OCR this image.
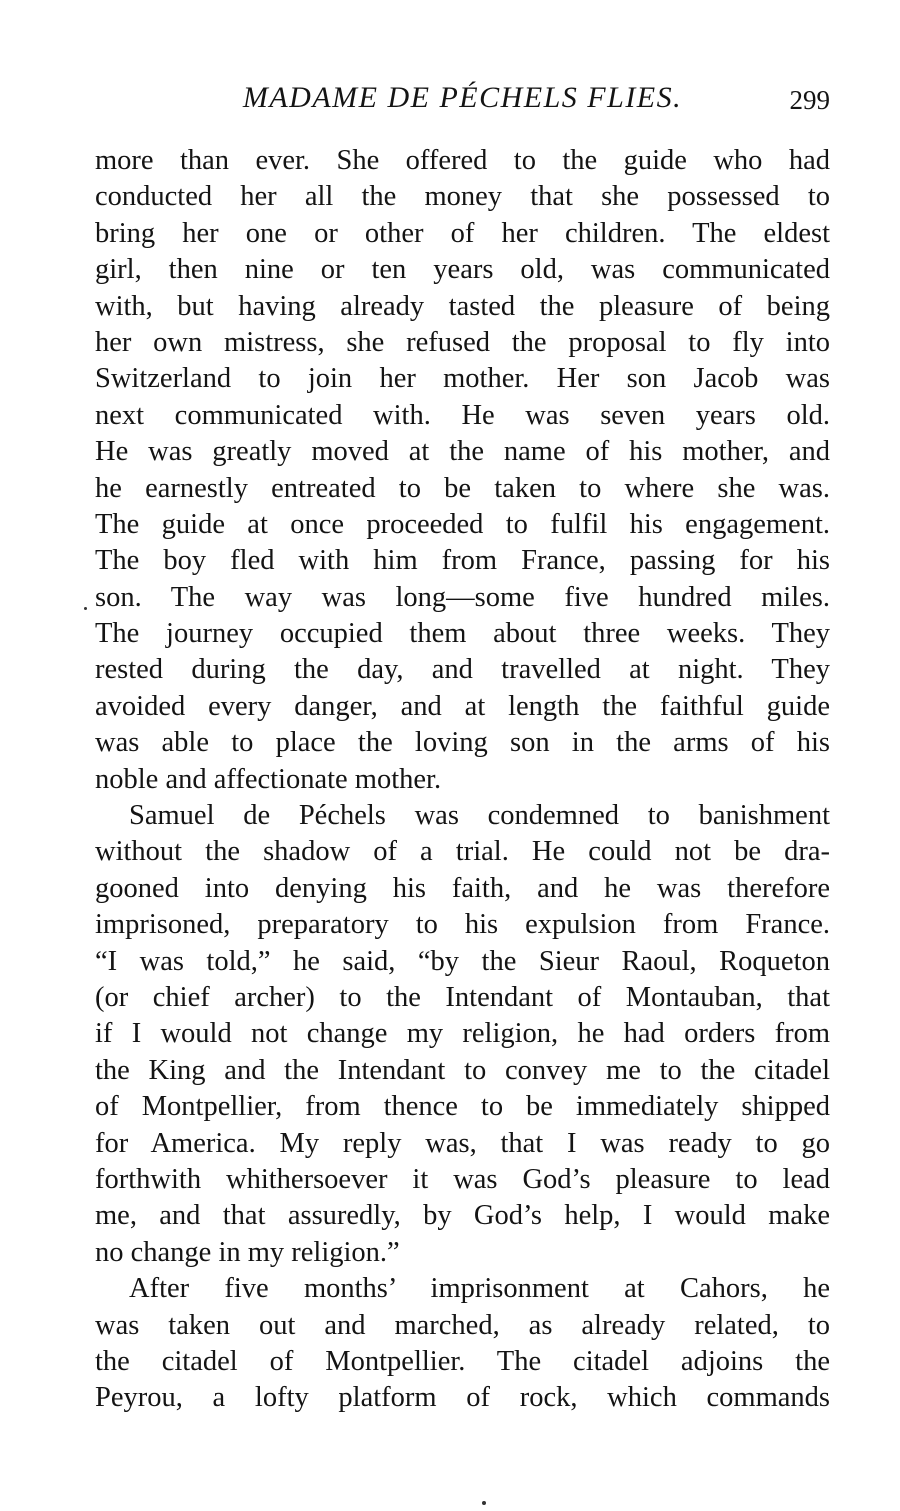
MADAME DE PÉCHELS FLIES.	299
more than ever. She offered to the guide who had
conducted her all the money that she possessed to
bring her one or other of her children. The eldest
girl, then nine or ten years old, was communicated
with, but having already tasted the pleasure of being
her own mistress, she refused the proposal to fly into
Switzerland to join her mother. Her son Jacob was
next communicated with. He was seven years old.
He was greatly moved at the name of his mother, and
he earnestly entreated to be taken to where she was.
The guide at once proceeded to fulfil his engagement.
The boy fled with him from France, passing for his
son. The way was long—some five hundred miles.
The journey occupied them about three weeks. They
rested during the day, and travelled at night. They
avoided every danger, and at length the faithful guide
was able to place the loving son in the arms of his
noble and affectionate mother.
Samuel de Péchels was condemned to banishment
without the shadow of a trial. He could not be dra-
gooned into denying his faith, and he was therefore
imprisoned, preparatory to his expulsion from France.
“I was told,” he said, “by the Sieur Raoul, Roqueton
(or chief archer) to the Intendant of Montauban, that
if I would not change my religion, he had orders from
the King and the Intendant to convey me to the citadel
of Montpellier, from thence to be immediately shipped
for America. My reply was, that I was ready to go
forthwith whithersoever it was God’s pleasure to lead
me, and that assuredly, by God’s help, I would make
no change in my religion.”
After five months’ imprisonment at Cahors, he
was taken out and marched, as already related, to
the citadel of Montpellier. The citadel adjoins the
Peyrou, a lofty platform of rock, which commands
